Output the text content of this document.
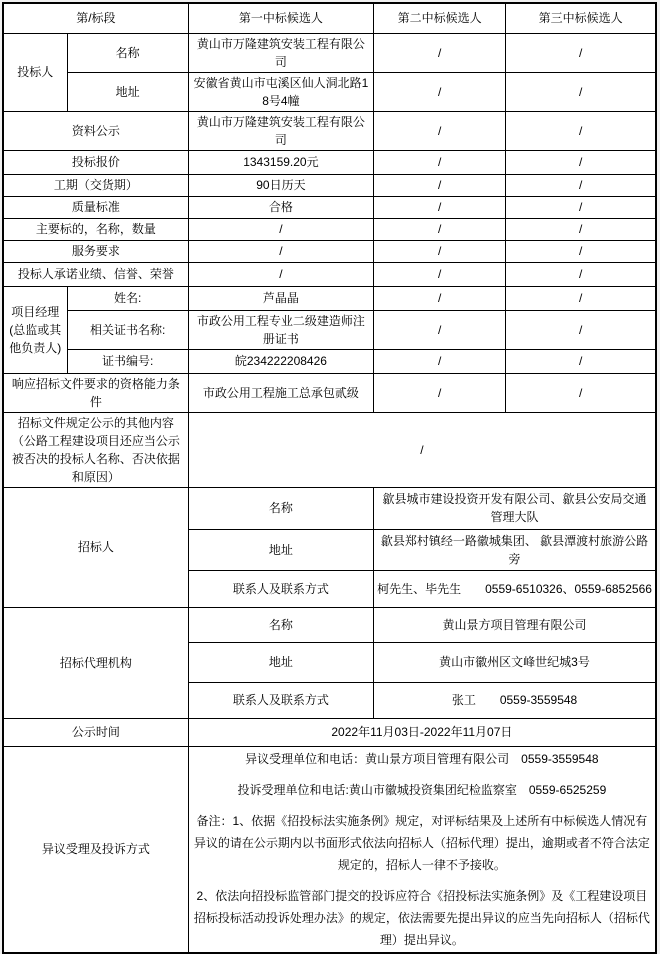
第/标段		第一中标候选人	第二中标候选人	第三中标候选人
投标人	名称	黄山市万隆建筑安装工程有限公司	/	/
	地址	安徽省黄山市屯溪区仙人洞北路18号4幢	/	/
资料公示		黄山市万隆建筑安装工程有限公司	/	/
投标报价		1343159.20元	/	/
工期（交货期）		90日历天	/	/
质量标准		合格	/	/
主要标的，名称，数量		/	/	/
服务要求		/	/	/
投标人承诺业绩、信誉、荣誉		/	/	/
项目经理(总监或其他负责人)	姓名:	芦晶晶	/	/
	相关证书名称:	市政公用工程专业二级建造师注册证书	/	/
	证书编号:	皖234222208426	/	/
响应招标文件要求的资格能力条件		市政公用工程施工总承包贰级	/	/
招标文件规定公示的其他内容（公路工程建设项目还应当公示被否决的投标人名称、否决依据和原因）		/		
招标人		名称	歙县城市建设投资开发有限公司、歙县公安局交通管理大队	
		地址	歙县郑村镇经一路徽城集团、 歙县潭渡村旅游公路旁	
		联系人及联系方式	柯先生、毕先生　　0559-6510326、0559-6852566	
招标代理机构		名称	黄山景方项目管理有限公司	
		地址	黄山市徽州区文峰世纪城3号	
		联系人及联系方式	张工　　0559-3559548	
公示时间		2022年11月03日-2022年11月07日		
异议受理及投诉方式		异议受理单位和电话：黄山景方项目管理有限公司　0559-3559548

投诉受理单位和电话:黄山市徽城投资集团纪检监察室　0559-6525259

备注：1、依据《招投标法实施条例》规定，对评标结果及上述所有中标候选人情况有异议的请在公示期内以书面形式依法向招标人（招标代理）提出，逾期或者不符合法定规定的，招标人一律不予接收。

2、依法向招投标监管部门提交的投诉应符合《招投标法实施条例》及《工程建设项目招标投标活动投诉处理办法》的规定，依法需要先提出异议的应当先向招标人（招标代理）提出异议。		
